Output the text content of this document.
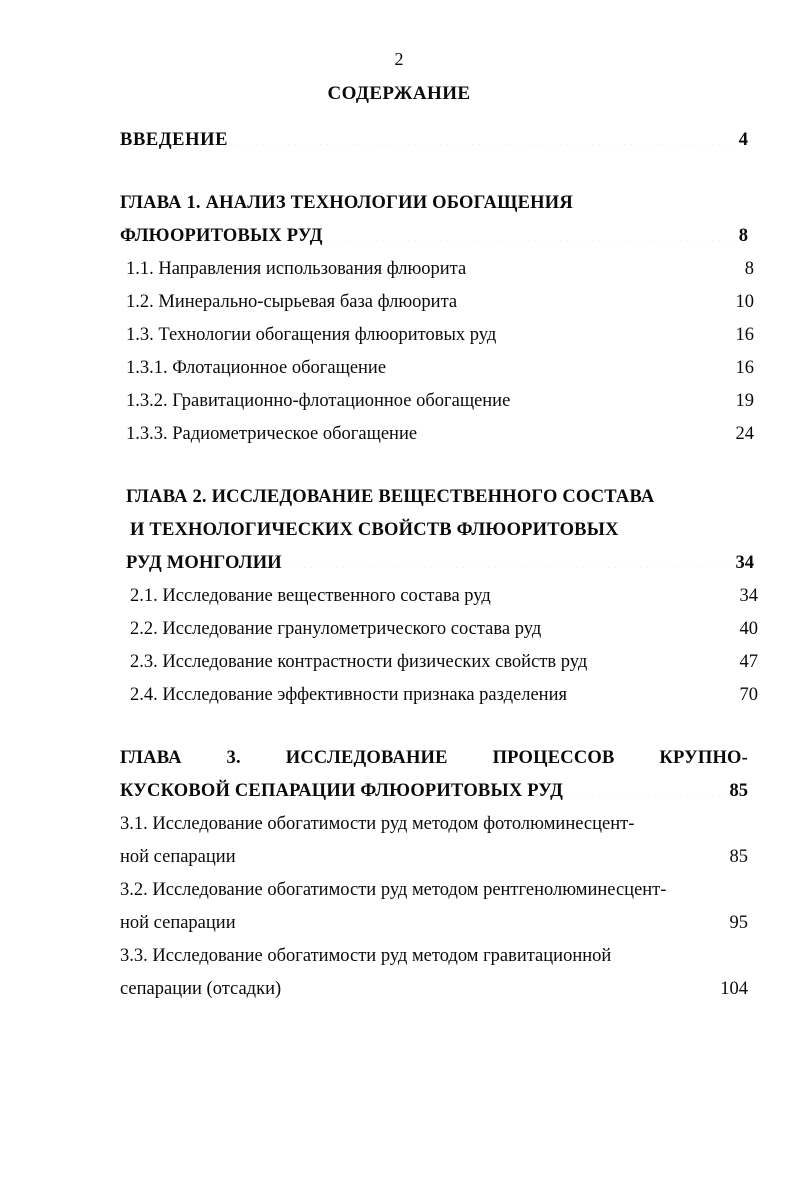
2
СОДЕРЖАНИЕ
ВВЕДЕНИЕ ………………………………………………………………………………………………………………………………	4
ГЛАВА 1. АНАЛИЗ ТЕХНОЛОГИИ ОБОГАЩЕНИЯ
ФЛЮОРИТОВЫХ РУД ………………………………………………………………………………………………………………………………	8
1.1. Направления использования флюорита ………………………………………………………………………………………………………………………………	8
1.2. Минерально-сырьевая база флюорита ………………………………………………………………………………………………………………………………	10
1.3. Технологии обогащения флюоритовых руд ………………………………………………………………………………………………………………………………	16
1.3.1. Флотационное обогащение ………………………………………………………………………………………………………………………………	16
1.3.2. Гравитационно-флотационное обогащение ………………………………………………………………………………………………………………………………	19
1.3.3. Радиометрическое обогащение ………………………………………………………………………………………………………………………………	24
ГЛАВА 2. ИССЛЕДОВАНИЕ ВЕЩЕСТВЕННОГО СОСТАВА
И ТЕХНОЛОГИЧЕСКИХ СВОЙСТВ ФЛЮОРИТОВЫХ
РУД МОНГОЛИИ ………………………………………………………………………………………………………………………………	34
2.1. Исследование вещественного состава руд ………………………………………………………………………………………………………………………………	34
2.2. Исследование гранулометрического состава руд ………………………………………………………………………………………………………………………………	40
2.3. Исследование контрастности физических свойств руд ………………………………………………………………………………………………………………………………	47
2.4. Исследование эффективности признака разделения ………………………………………………………………………………………………………………………………	70
ГЛАВА 3. ИССЛЕДОВАНИЕ ПРОЦЕССОВ КРУПНО-
КУСКОВОЙ СЕПАРАЦИИ ФЛЮОРИТОВЫХ РУД ………………………………………………………………………………………………………………………………	85
3.1. Исследование обогатимости руд методом фотолюминесцент-
ной сепарации ………………………………………………………………………………………………………………………………	85
3.2. Исследование обогатимости руд методом рентгенолюминесцент-
ной сепарации ………………………………………………………………………………………………………………………………	95
3.3. Исследование обогатимости руд методом гравитационной
сепарации (отсадки) ………………………………………………………………………………………………………………………………	104
